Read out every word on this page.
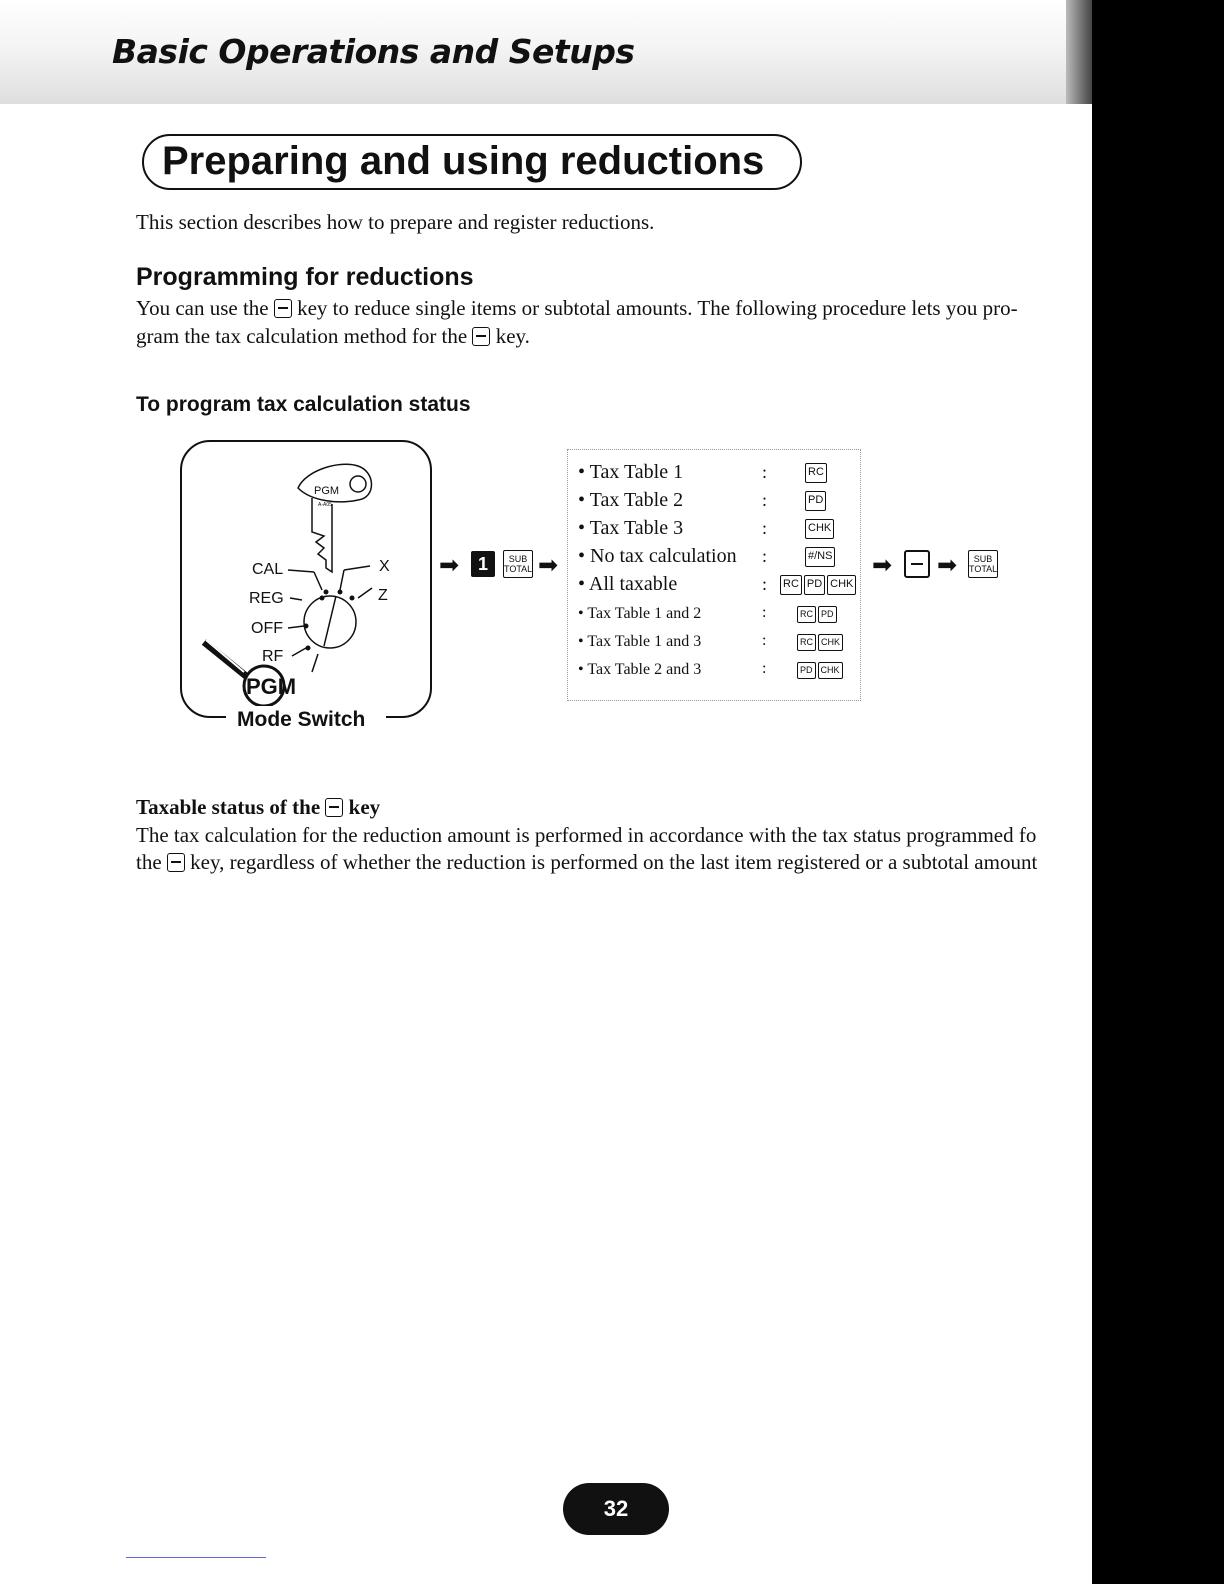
Basic Operations and Setups
Preparing and using reductions
This section describes how to prepare and register reductions.
Programming for reductions
You can use the key to reduce single items or subtotal amounts. The following procedure lets you pro-
gram the tax calculation method for the key.
To program tax calculation status
PGM
A-A05
PGM
CAL
REG
OFF
RF
X
Z
Mode Switch
➡	1	SUB
TOTAL ➡
• Tax Table 1	:	RC
• Tax Table 2	:	PD
• Tax Table 3	:	CHK
• No tax calculation :	#/NS
• All taxable	: RC PD CHK
• Tax Table 1 and 2	:	RC PD
• Tax Table 1 and 3	:	RC CHK
• Tax Table 2 and 3	:	PD CHK
➡ ➡	SUB
TOTAL
Taxable status of the key
The tax calculation for the reduction amount is performed in accordance with the tax status programmed fo
the key, regardless of whether the reduction is performed on the last item registered or a subtotal amount
32
